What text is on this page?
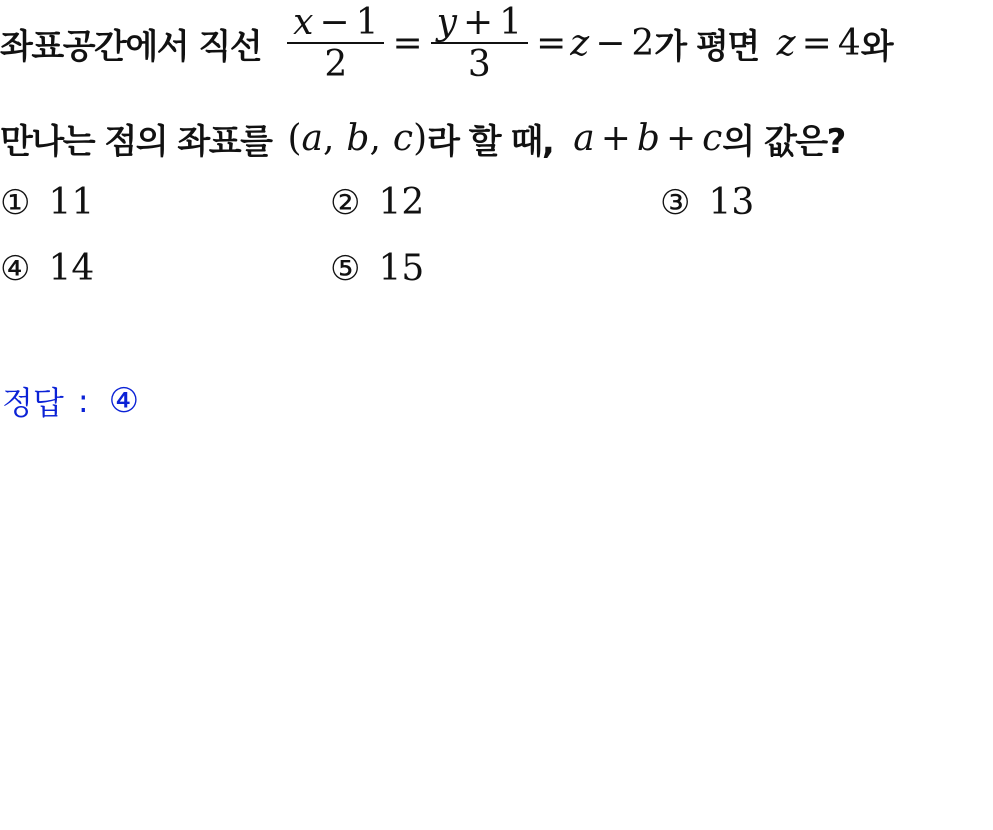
좌표공간에서 직선 $\frac{x - 1}{2} = \frac{y + 1}{3} = z - 2$ 가 평면 z = 4 와
만나는 점의 좌표를 ( a , b , c ) 라 할 때, a + b + c 의 값은?
① 11	② 12	③ 13
④ 14	⑤ 15
정답 : ④
